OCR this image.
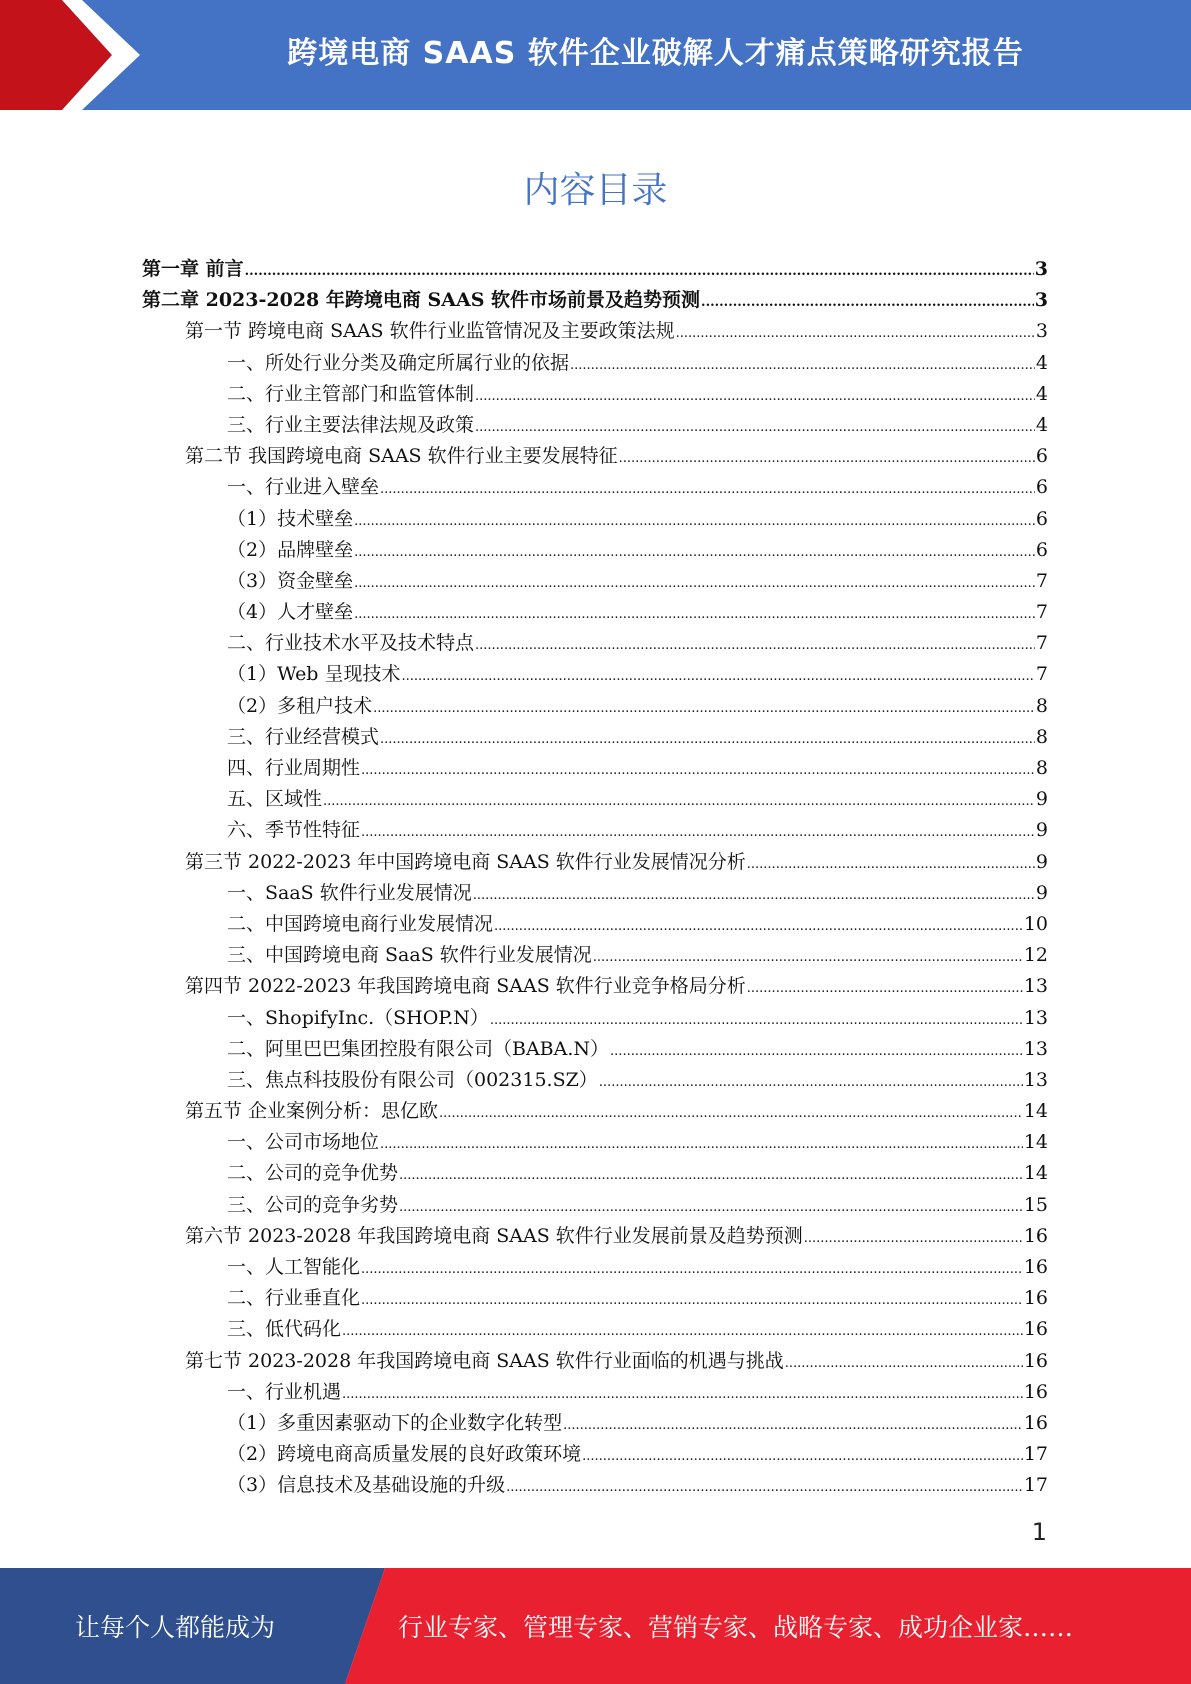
跨境电商 SAAS 软件企业破解人才痛点策略研究报告
内容目录
第一章 前言 .....	3
第二章 2023-2028 年跨境电商 SAAS 软件市场前景及趋势预测 .....	3
第一节 跨境电商 SAAS 软件行业监管情况及主要政策法规 .....	3
一、所处行业分类及确定所属行业的依据 .....	4
二、行业主管部门和监管体制 .....	4
三、行业主要法律法规及政策 .....	4
第二节 我国跨境电商 SAAS 软件行业主要发展特征 .....	6
一、行业进入壁垒 .....	6
（1）技术壁垒 .....	6
（2）品牌壁垒 .....	6
（3）资金壁垒 .....	7
（4）人才壁垒 .....	7
二、行业技术水平及技术特点 .....	7
（1）Web 呈现技术 .....	7
（2）多租户技术 .....	8
三、行业经营模式 .....	8
四、行业周期性 .....	8
五、区域性 .....	9
六、季节性特征 .....	9
第三节 2022-2023 年中国跨境电商 SAAS 软件行业发展情况分析 .....	9
一、SaaS 软件行业发展情况 .....	9
二、中国跨境电商行业发展情况 .....	10
三、中国跨境电商 SaaS 软件行业发展情况 .....	12
第四节 2022-2023 年我国跨境电商 SAAS 软件行业竞争格局分析 .....	13
一、ShopifyInc.（SHOP.N） .....	13
二、阿里巴巴集团控股有限公司（BABA.N） .....	13
三、焦点科技股份有限公司（002315.SZ） .....	13
第五节 企业案例分析：思亿欧 .....	14
一、公司市场地位 .....	14
二、公司的竞争优势 .....	14
三、公司的竞争劣势 .....	15
第六节 2023-2028 年我国跨境电商 SAAS 软件行业发展前景及趋势预测 .....	16
一、人工智能化 .....	16
二、行业垂直化 .....	16
三、低代码化 .....	16
第七节 2023-2028 年我国跨境电商 SAAS 软件行业面临的机遇与挑战 .....	16
一、行业机遇 .....	16
（1）多重因素驱动下的企业数字化转型 .....	16
（2）跨境电商高质量发展的良好政策环境 .....	17
（3）信息技术及基础设施的升级 .....	17
1
让每个人都能成为	行业专家、管理专家、营销专家、战略专家、成功企业家……
